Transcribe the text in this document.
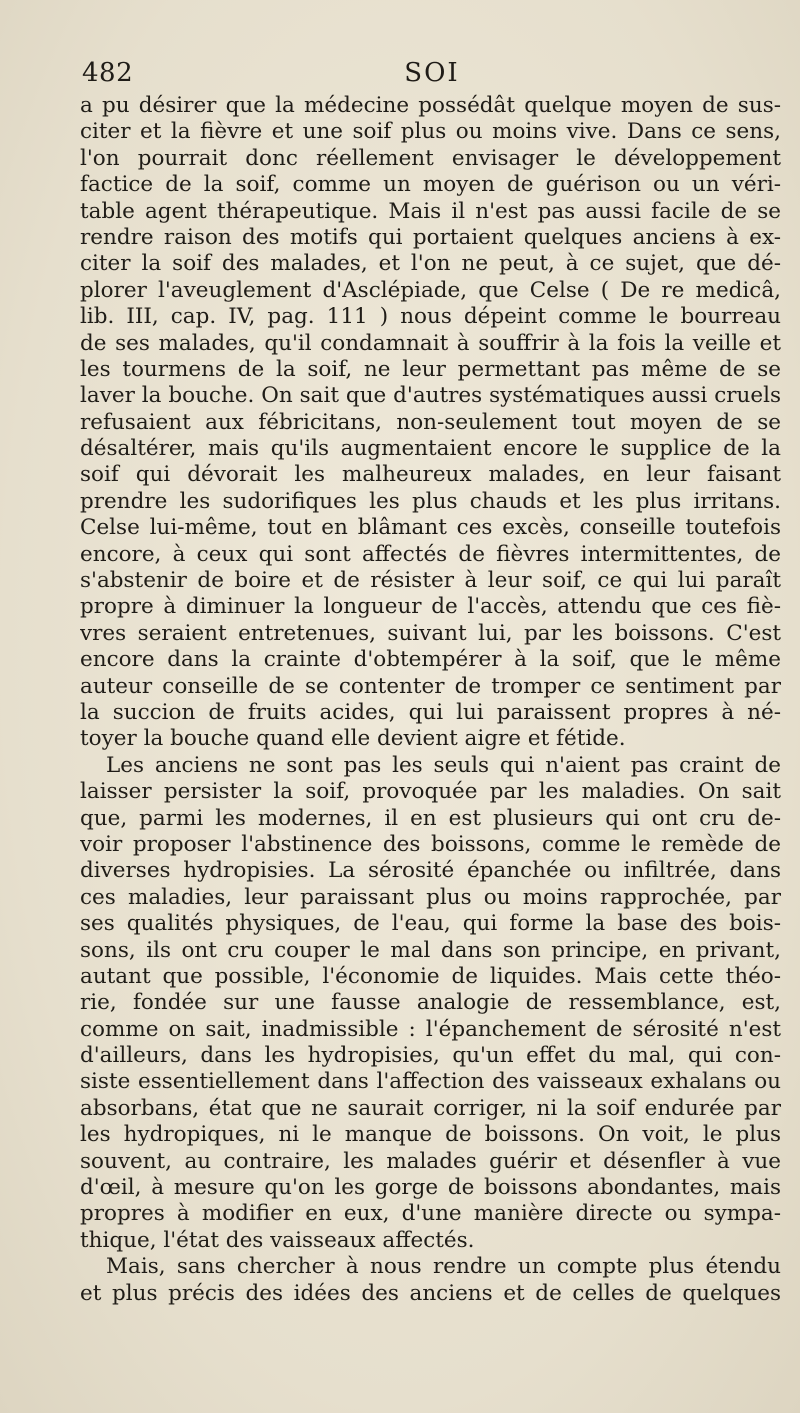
482	SOI
a pu désirer que la médecine possédât quelque moyen de sus-
citer et la fièvre et une soif plus ou moins vive. Dans ce sens,
l'on pourrait donc réellement envisager le développement
factice de la soif, comme un moyen de guérison ou un véri-
table agent thérapeutique. Mais il n'est pas aussi facile de se
rendre raison des motifs qui portaient quelques anciens à ex-
citer la soif des malades, et l'on ne peut, à ce sujet, que dé-
plorer l'aveuglement d'Asclépiade, que Celse ( De re medicâ,
lib. III, cap. IV, pag. 111 ) nous dépeint comme le bourreau
de ses malades, qu'il condamnait à souffrir à la fois la veille et
les tourmens de la soif, ne leur permettant pas même de se
laver la bouche. On sait que d'autres systématiques aussi cruels
refusaient aux fébricitans, non-seulement tout moyen de se
désaltérer, mais qu'ils augmentaient encore le supplice de la
soif qui dévorait les malheureux malades, en leur faisant
prendre les sudorifiques les plus chauds et les plus irritans.
Celse lui-même, tout en blâmant ces excès, conseille toutefois
encore, à ceux qui sont affectés de fièvres intermittentes, de
s'abstenir de boire et de résister à leur soif, ce qui lui paraît
propre à diminuer la longueur de l'accès, attendu que ces fiè-
vres seraient entretenues, suivant lui, par les boissons. C'est
encore dans la crainte d'obtempérer à la soif, que le même
auteur conseille de se contenter de tromper ce sentiment par
la succion de fruits acides, qui lui paraissent propres à né-
toyer la bouche quand elle devient aigre et fétide.
Les anciens ne sont pas les seuls qui n'aient pas craint de
laisser persister la soif, provoquée par les maladies. On sait
que, parmi les modernes, il en est plusieurs qui ont cru de-
voir proposer l'abstinence des boissons, comme le remède de
diverses hydropisies. La sérosité épanchée ou infiltrée, dans
ces maladies, leur paraissant plus ou moins rapprochée, par
ses qualités physiques, de l'eau, qui forme la base des bois-
sons, ils ont cru couper le mal dans son principe, en privant,
autant que possible, l'économie de liquides. Mais cette théo-
rie, fondée sur une fausse analogie de ressemblance, est,
comme on sait, inadmissible : l'épanchement de sérosité n'est
d'ailleurs, dans les hydropisies, qu'un effet du mal, qui con-
siste essentiellement dans l'affection des vaisseaux exhalans ou
absorbans, état que ne saurait corriger, ni la soif endurée par
les hydropiques, ni le manque de boissons. On voit, le plus
souvent, au contraire, les malades guérir et désenfler à vue
d'œil, à mesure qu'on les gorge de boissons abondantes, mais
propres à modifier en eux, d'une manière directe ou sympa-
thique, l'état des vaisseaux affectés.
Mais, sans chercher à nous rendre un compte plus étendu
et plus précis des idées des anciens et de celles de quelques
